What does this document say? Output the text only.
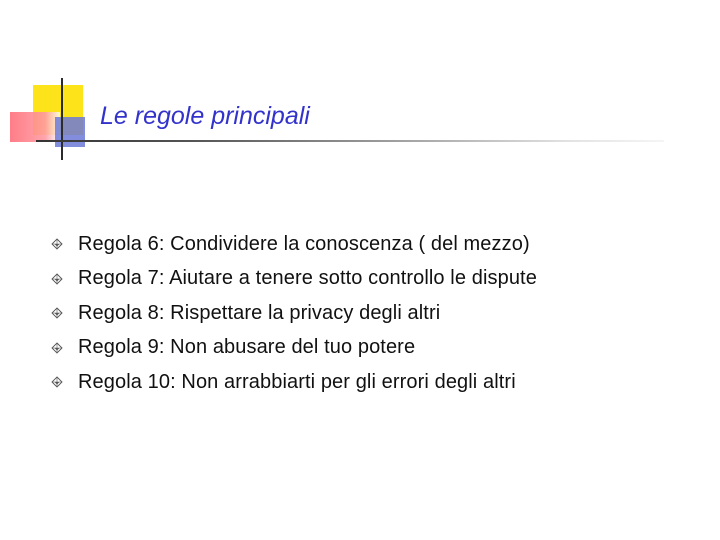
Le regole principali
Regola 6: Condividere la conoscenza ( del mezzo)
Regola 7: Aiutare a tenere sotto controllo le dispute
Regola 8: Rispettare la privacy degli altri
Regola 9: Non abusare del tuo potere
Regola 10: Non arrabbiarti per gli errori degli altri
